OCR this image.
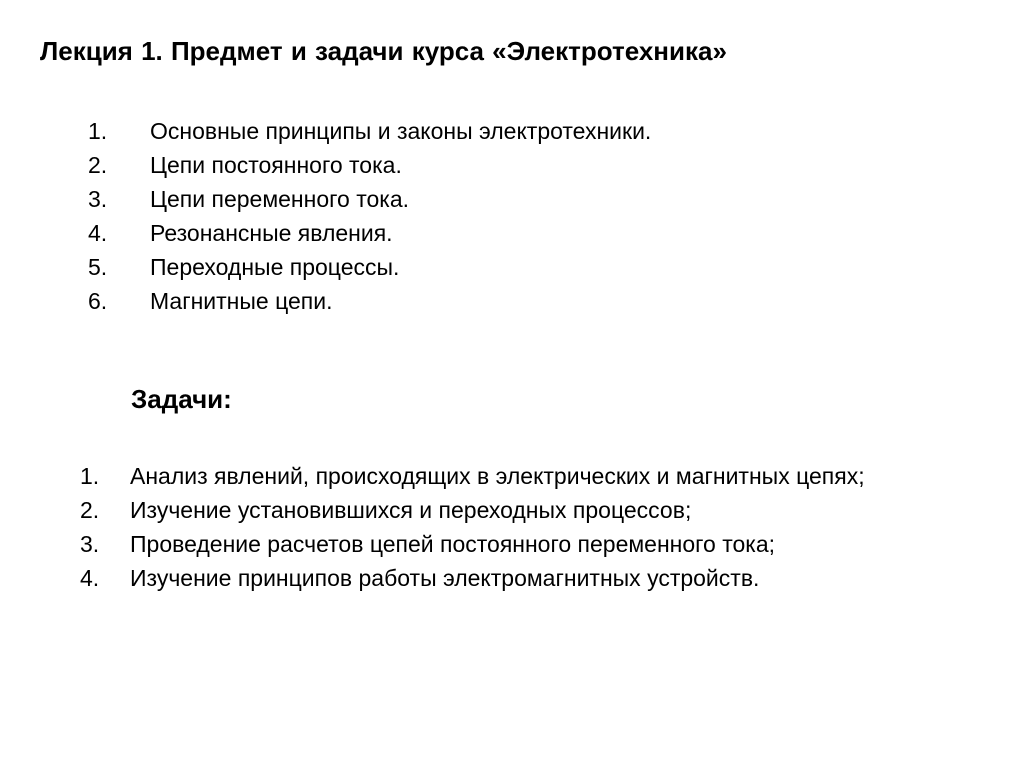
Лекция 1. Предмет и задачи курса «Электротехника»
1. Основные принципы и законы электротехники.
2. Цепи постоянного тока.
3. Цепи переменного тока.
4. Резонансные явления.
5. Переходные процессы.
6. Магнитные цепи.
Задачи:
1. Анализ явлений, происходящих в электрических и магнитных цепях;
2. Изучение установившихся и переходных процессов;
3. Проведение расчетов цепей постоянного переменного тока;
4. Изучение принципов работы электромагнитных устройств.
